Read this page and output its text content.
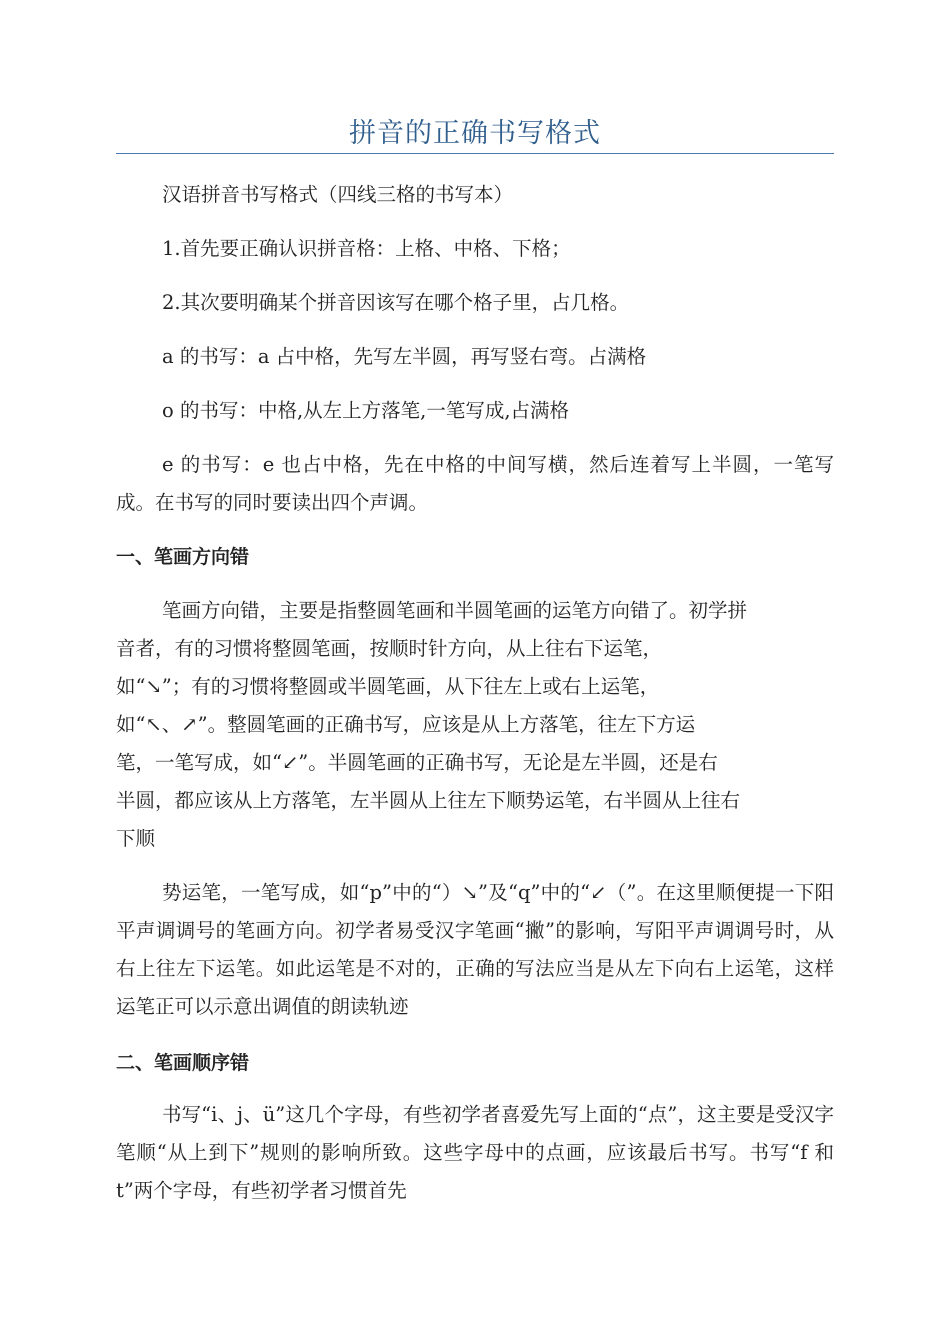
拼音的正确书写格式

汉语拼音书写格式（四线三格的书写本）

1.首先要正确认识拼音格：上格、中格、下格；

2.其次要明确某个拼音因该写在哪个格子里，占几格。

a 的书写：a 占中格，先写左半圆，再写竖右弯。占满格

o 的书写：中格,从左上方落笔,一笔写成,占满格

e 的书写：e 也占中格，先在中格的中间写横，然后连着写上半圆，一笔写成。在书写的同时要读出四个声调。

一、笔画方向错
笔画方向错，主要是指整圆笔画和半圆笔画的运笔方向错了。初学拼
音者，有的习惯将整圆笔画，按顺时针方向，从上往右下运笔，
如“↘”；有的习惯将整圆或半圆笔画，从下往左上或右上运笔，
如“↖、↗”。整圆笔画的正确书写，应该是从上方落笔，往左下方运
笔，一笔写成，如“↙”。半圆笔画的正确书写，无论是左半圆，还是右
半圆，都应该从上方落笔，左半圆从上往左下顺势运笔，右半圆从上往右
下顺

势运笔，一笔写成，如“p”中的“）↘”及“q”中的“↙（”。在这里顺便提一下阳平声调调号的笔画方向。初学者易受汉字笔画“撇”的影响，写阳平声调调号时，从右上往左下运笔。如此运笔是不对的，正确的写法应当是从左下向右上运笔，这样运笔正可以示意出调值的朗读轨迹

二、笔画顺序错

书写“i、j、ü”这几个字母，有些初学者喜爱先写上面的“点”，这主要是受汉字笔顺“从上到下”规则的影响所致。这些字母中的点画，应该最后书写。书写“f 和 t”两个字母，有些初学者习惯首先
